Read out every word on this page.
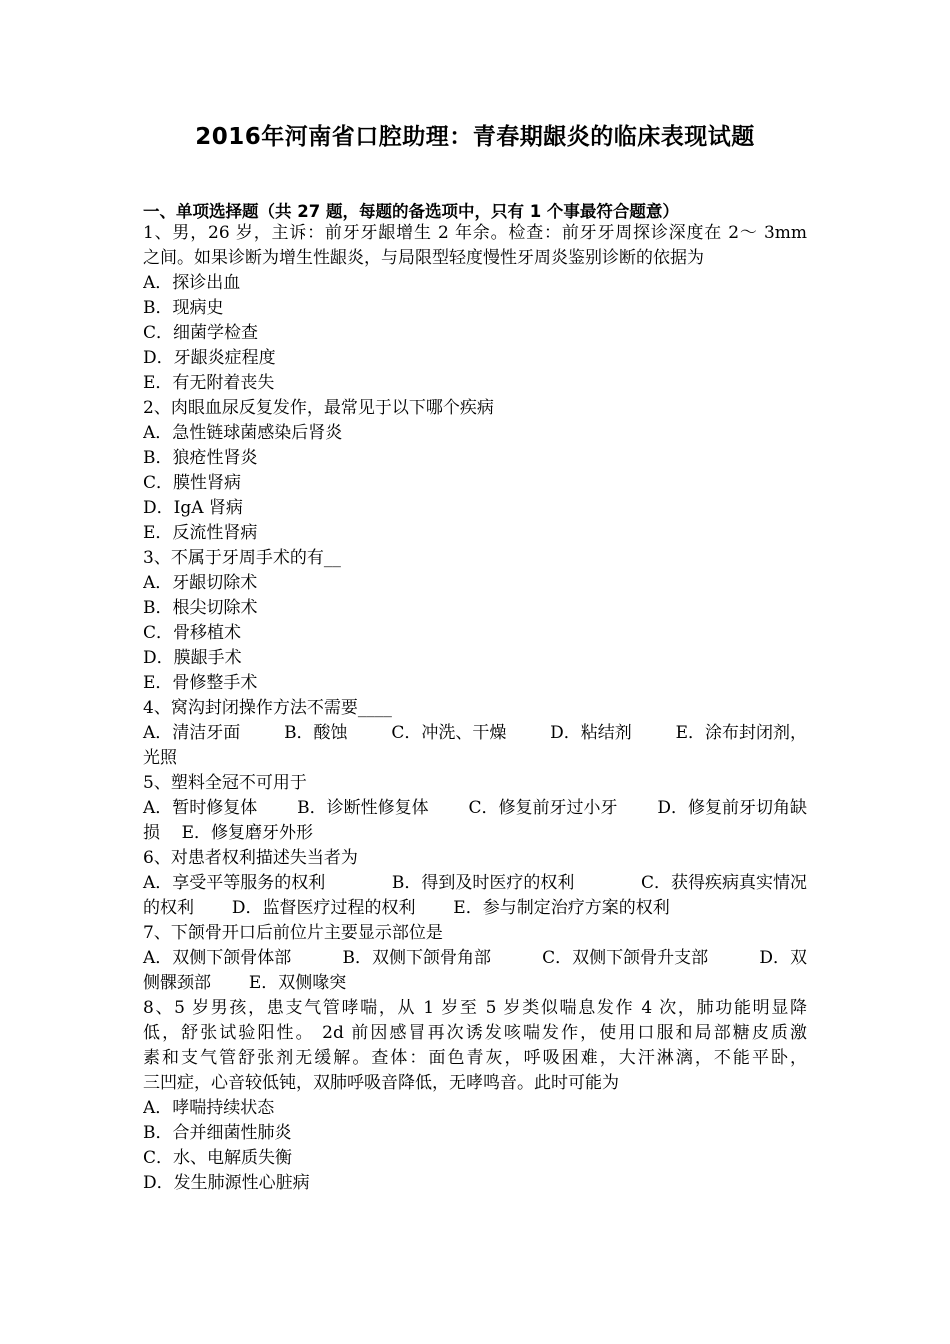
2016年河南省口腔助理：青春期龈炎的临床表现试题
一、单项选择题（共 27 题，每题的备选项中，只有 1 个事最符合题意）
1、男，26 岁，主诉：前牙牙龈增生 2 年余。检查：前牙牙周探诊深度在 2～ 3mm
之间。如果诊断为增生性龈炎，与局限型轻度慢性牙周炎鉴别诊断的依据为
A．探诊出血
B．现病史
C．细菌学检查
D．牙龈炎症程度
E．有无附着丧失
2、肉眼血尿反复发作，最常见于以下哪个疾病
A．急性链球菌感染后肾炎
B．狼疮性肾炎
C．膜性肾病
D．IgA 肾病
E．反流性肾病
3、不属于牙周手术的有__
A．牙龈切除术
B．根尖切除术
C．骨移植术
D．膜龈手术
E．骨修整手术
4、窝沟封闭操作方法不需要____
A．清洁牙面	B．酸蚀	C．冲洗、干燥	D．粘结剂	E．涂布封闭剂，
光照
5、塑料全冠不可用于
A．暂时修复体 B．诊断性修复体 C．修复前牙过小牙 D．修复前牙切角缺
损    E．修复磨牙外形
6、对患者权利描述失当者为
A．享受平等服务的权利	B．得到及时医疗的权利	C．获得疾病真实情况
的权利       D．监督医疗过程的权利       E．参与制定治疗方案的权利
7、下颌骨开口后前位片主要显示部位是
A．双侧下颌骨体部	B．双侧下颌骨角部	C．双侧下颌骨升支部	D．双
侧髁颈部       E．双侧喙突
8、5 岁男孩，患支气管哮喘，从 1 岁至 5 岁类似喘息发作 4 次，肺功能明显降
低，舒张试验阳性。 2d 前因感冒再次诱发咳喘发作，使用口服和局部糖皮质激
素和支气管舒张剂无缓解。查体：面色青灰，呼吸困难，大汗淋漓，不能平卧，
三凹症，心音较低钝，双肺呼吸音降低，无哮鸣音。此时可能为
A．哮喘持续状态
B．合并细菌性肺炎
C．水、电解质失衡
D．发生肺源性心脏病
